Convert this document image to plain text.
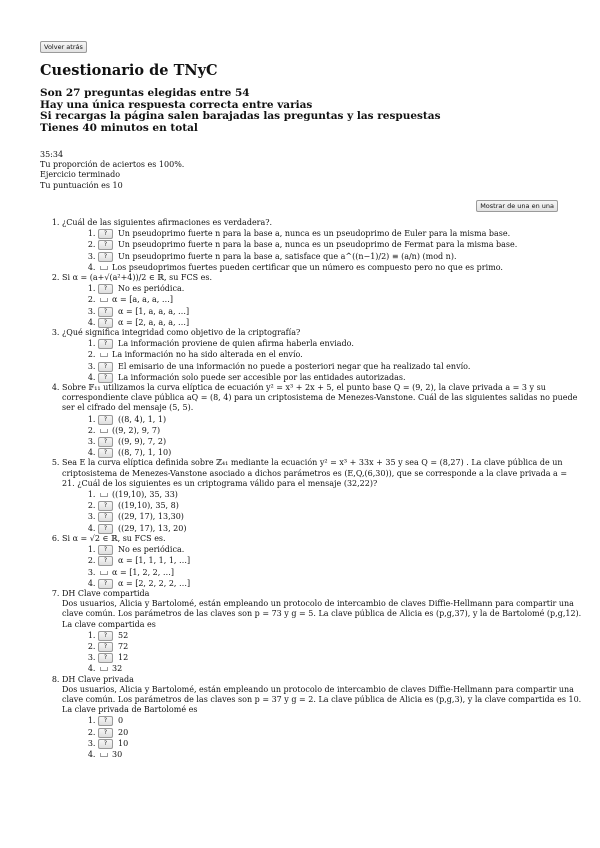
Volver atrás
Cuestionario de TNyC
Son 27 preguntas elegidas entre 54
Hay una única respuesta correcta entre varias
Si recargas la página salen barajadas las preguntas y las respuestas
Tienes 40 minutos en total
35:34
Tu proporción de aciertos es 100%.
Ejercicio terminado
Tu puntuación es 10
Mostrar de una en una
1. ¿Cuál de las siguientes afirmaciones es verdadera?.
1. ? Un pseudoprimo fuerte n para la base a, nunca es un pseudoprimo de Euler para la misma base.
2. ? Un pseudoprimo fuerte n para la base a, nunca es un pseudoprimo de Fermat para la misma base.
3. ? Un pseudoprimo fuerte n para la base a, satisface que a^((n−1)/2) ≡ (a/n) (mod n).
4. Los pseudoprimos fuertes pueden certificar que un número es compuesto pero no que es primo.
2. Si α = (a+√(a²+4))/2 ∈ ℝ, su FCS es.
1. ? No es periódica.
2. α = [a, a, a, …]
3. ? α = [1, a, a, a, …]
4. ? α = [2, a, a, a, …]
3. ¿Qué significa integridad como objetivo de la criptografía?
1. ? La información proviene de quien afirma haberla enviado.
2. La información no ha sido alterada en el envío.
3. ? El emisario de una información no puede a posteriori negar que ha realizado tal envío.
4. ? La información solo puede ser accesible por las entidades autorizadas.
4. Sobre 𝔽₁₁ utilizamos la curva elíptica de ecuación y² = x³ + 2x + 5, el punto base Q = (9, 2), la clave privada a = 3 y su correspondiente clave pública aQ = (8, 4) para un criptosistema de Menezes-Vanstone. Cuál de las siguientes salidas no puede ser el cifrado del mensaje (5, 5).
1. ? ((8, 4), 1, 1)
2. ((9, 2), 9, 7)
3. ? ((9, 9), 7, 2)
4. ? ((8, 7), 1, 10)
5. Sea E la curva elíptica definida sobre ℤ₄₁ mediante la ecuación y² = x³ + 33x + 35 y sea Q = (8,27) . La clave pública de un criptosistema de Menezes-Vanstone asociado a dichos parámetros es (E,Q,(6,30)), que se corresponde a la clave privada a = 21. ¿Cuál de los siguientes es un criptograma válido para el mensaje (32,22)?
1. ((19,10), 35, 33)
2. ? ((19,10), 35, 8)
3. ? ((29, 17), 13,30)
4. ? ((29, 17), 13, 20)
6. Si α = √2 ∈ ℝ, su FCS es.
1. ? No es periódica.
2. ? α = [1, 1, 1, 1, …]
3. α = [1, 2, 2, …]
4. ? α = [2, 2, 2, 2, …]
7. DH Clave compartida
Dos usuarios, Alicia y Bartolomé, están empleando un protocolo de intercambio de claves Diffie-Hellmann para compartir una clave común. Los parámetros de las claves son p = 73 y g = 5. La clave pública de Alicia es (p,g,37), y la de Bartolomé (p,g,12). La clave compartida es
1. ? 52
2. ? 72
3. ? 12
4. 32
8. DH Clave privada
Dos usuarios, Alicia y Bartolomé, están empleando un protocolo de intercambio de claves Diffie-Hellmann para compartir una clave común. Los parámetros de las claves son p = 37 y g = 2. La clave pública de Alicia es (p,g,3), y la clave compartida es 10. La clave privada de Bartolomé es
1. ? 0
2. ? 20
3. ? 10
4. 30
